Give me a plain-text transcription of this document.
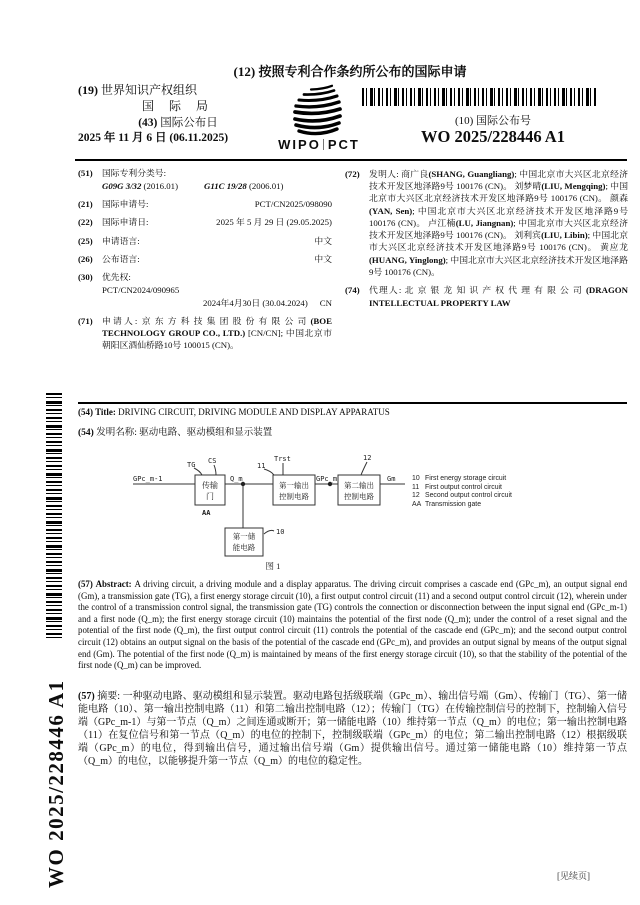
(12) 按照专利合作条约所公布的国际申请
(19) 世界知识产权组织
国 际 局
(43) 国际公布日
2025 年 11 月 6 日 (06.11.2025)	WIPO PCT
(10) 国际公布号
WO 2025/228446 A1
(51)	国际专利分类号:
G09G 3/32 (2016.01)	G11C 19/28 (2006.01)
(21)	国际申请号:	PCT/CN2025/098090
(22)	国际申请日:	2025 年 5 月 29 日 (29.05.2025)
(25)	申请语言:	中文
(26)	公布语言:	中文
(30)	优先权:
PCT/CN2024/090965
2024年4月30日 (30.04.2024) CN
(71)	申请人: 京东方科技集团股份有限公司(BOE TECHNOLOGY GROUP CO., LTD.) [CN/CN]; 中国北京市朝阳区酒仙桥路10号 100015 (CN)。
(72)	发明人: 商广良(SHANG, Guangliang); 中国北京市大兴区北京经济技术开发区地泽路9号 100176 (CN)。 刘梦晴(LIU, Mengqing); 中国北京市大兴区北京经济技术开发区地泽路9号 100176 (CN)。 颜森(YAN, Sen); 中国北京市大兴区北京经济技术开发区地泽路9号 100176 (CN)。 卢江楠(LU, Jiangnan); 中国北京市大兴区北京经济技术开发区地泽路9号 100176 (CN)。 刘利宾(LIU, Libin); 中国北京市大兴区北京经济技术开发区地泽路9号 100176 (CN)。 黄应龙(HUANG, Yinglong); 中国北京市大兴区北京经济技术开发区地泽路9号 100176 (CN)。
(74)	代理人: 北京银龙知识产权代理有限公司(DRAGON INTELLECTUAL PROPERTY LAW
WO 2025/228446 A1
(54) Title: DRIVING CIRCUIT, DRIVING MODULE AND DISPLAY APPARATUS
(54) 发明名称: 驱动电路、驱动模组和显示装置
传输
门
第一输出
控制电路
第二输出
控制电路
第一储
能电路
GPc_m-1
TG CS
AA
Q_m
11
Trst
GPc_m
12
Gm
10
图 1
10 First energy storage circuit
11 First output control circuit
12 Second output control circuit
AA Transmission gate
(57) Abstract: A driving circuit, a driving module and a display apparatus. The driving circuit comprises a cascade end (GPc_m), an output signal end (Gm), a transmission gate (TG), a first energy storage circuit (10), a first output control circuit (11) and a second output control circuit (12), wherein under the control of a transmission control signal, the transmission gate (TG) controls the connection or disconnection between the input signal end (GPc_m-1) and a first node (Q_m); the first energy storage circuit (10) maintains the potential of the first node (Q_m); under the control of a reset signal and the potential of the first node (Q_m), the first output control circuit (11) controls the potential of the cascade end (GPc_m); and the second output control circuit (12) obtains an output signal on the basis of the potential of the cascade end (GPc_m), and provides an output signal by means of the output signal end (Gm). The potential of the first node (Q_m) is maintained by means of the first energy storage circuit (10), so that the stability of the potential of the first node (Q_m) can be improved.
(57) 摘要: 一种驱动电路、驱动模组和显示装置。驱动电路包括级联端（GPc_m）、输出信号端（Gm）、传输门（TG）、第一储能电路（10）、第一输出控制电路（11）和第二输出控制电路（12）；传输门（TG）在传输控制信号的控制下，控制输入信号端（GPc_m-1）与第一节点（Q_m）之间连通或断开；第一储能电路（10）维持第一节点（Q_m）的电位；第一输出控制电路（11）在复位信号和第一节点（Q_m）的电位的控制下，控制级联端（GPc_m）的电位；第二输出控制电路（12）根据级联端（GPc_m）的电位，得到输出信号，通过输出信号端（Gm）提供输出信号。通过第一储能电路（10）维持第一节点（Q_m）的电位，以能够提升第一节点（Q_m）的电位的稳定性。
[见续页]
